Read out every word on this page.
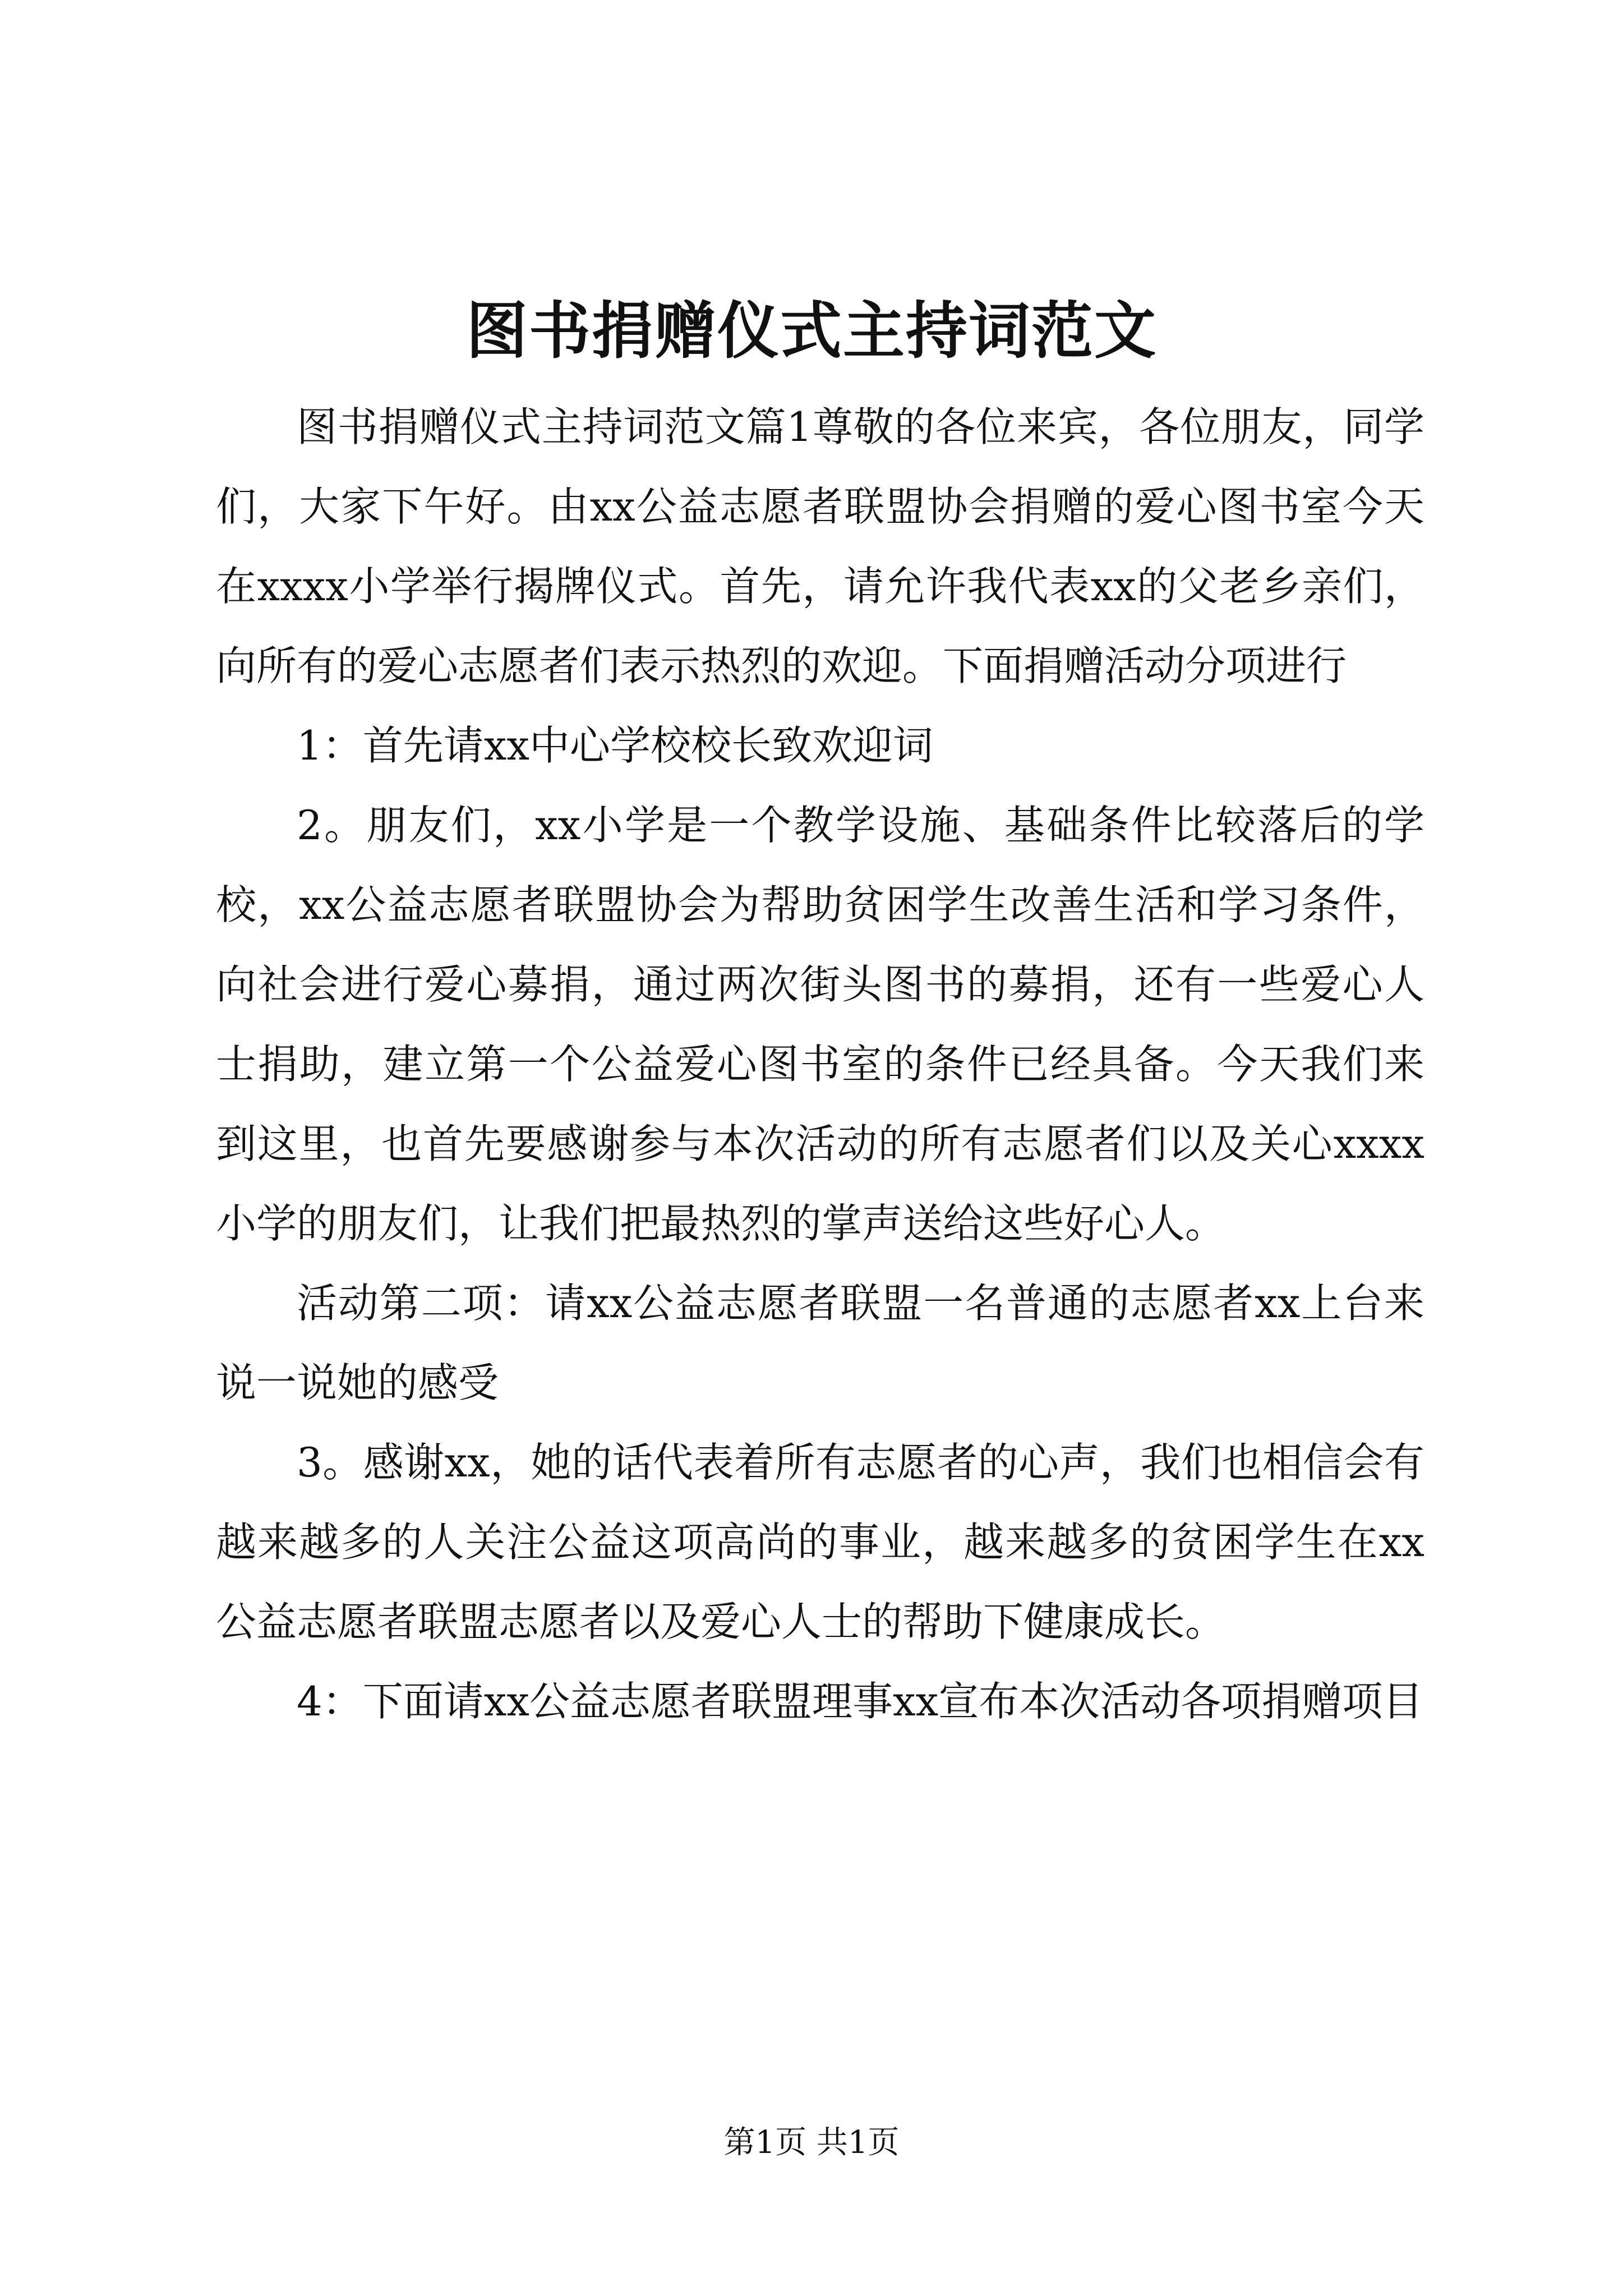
图书捐赠仪式主持词范文

图书捐赠仪式主持词范文篇1尊敬的各位来宾，各位朋友，同学们，大家下午好。由xx公益志愿者联盟协会捐赠的爱心图书室今天在xxxx小学举行揭牌仪式。首先，请允许我代表xx的父老乡亲们，向所有的爱心志愿者们表示热烈的欢迎。下面捐赠活动分项进行

1：首先请xx中心学校校长致欢迎词

2。朋友们，xx小学是一个教学设施、基础条件比较落后的学校，xx公益志愿者联盟协会为帮助贫困学生改善生活和学习条件，向社会进行爱心募捐，通过两次街头图书的募捐，还有一些爱心人士捐助，建立第一个公益爱心图书室的条件已经具备。今天我们来到这里，也首先要感谢参与本次活动的所有志愿者们以及关心xxxx小学的朋友们，让我们把最热烈的掌声送给这些好心人。

活动第二项：请xx公益志愿者联盟一名普通的志愿者xx上台来说一说她的感受

3。感谢xx，她的话代表着所有志愿者的心声，我们也相信会有越来越多的人关注公益这项高尚的事业，越来越多的贫困学生在xx公益志愿者联盟志愿者以及爱心人士的帮助下健康成长。

4：下面请xx公益志愿者联盟理事xx宣布本次活动各项捐赠项目

第1页 共1页
